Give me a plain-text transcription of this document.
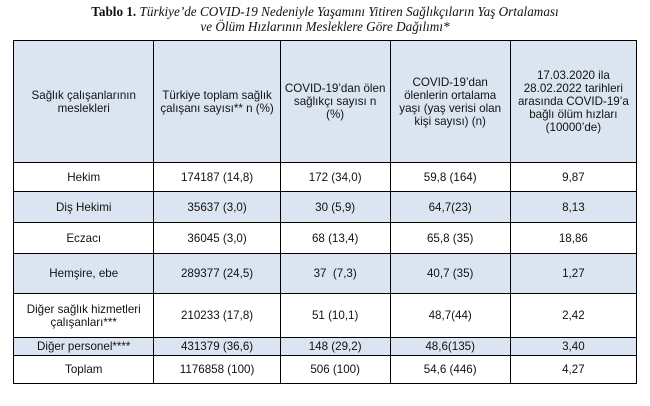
Tablo 1. Türkiye’de COVID-19 Nedeniyle Yaşamını Yitiren Sağlıkçıların Yaş Ortalaması
ve Ölüm Hızlarının Mesleklere Göre Dağılımı*
Sağlık çalışanlarının meslekleri	Türkiye toplam sağlık çalışanı sayısı** n (%)	COVID-19’dan ölen sağlıkçı sayısı n (%)	COVID-19’dan ölenlerin ortalama yaşı (yaş verisi olan kişi sayısı) (n)	17.03.2020 ila 28.02.2022 tarihleri arasında COVID-19’a bağlı ölüm hızları (10000’de)
Hekim	174187 (14,8)	172 (34,0)	59,8 (164)	9,87
Diş Hekimi	35637 (3,0)	30 (5,9)	64,7(23)	8,13
Eczacı	36045 (3,0)	68 (13,4)	65,8 (35)	18,86
Hemşire, ebe	289377 (24,5)	37  (7,3)	40,7 (35)	1,27
Diğer sağlık hizmetleri çalışanları***	210233 (17,8)	51 (10,1)	48,7(44)	2,42
Diğer personel****	431379 (36,6)	148 (29,2)	48,6(135)	3,40
Toplam	1176858 (100)	506 (100)	54,6 (446)	4,27
